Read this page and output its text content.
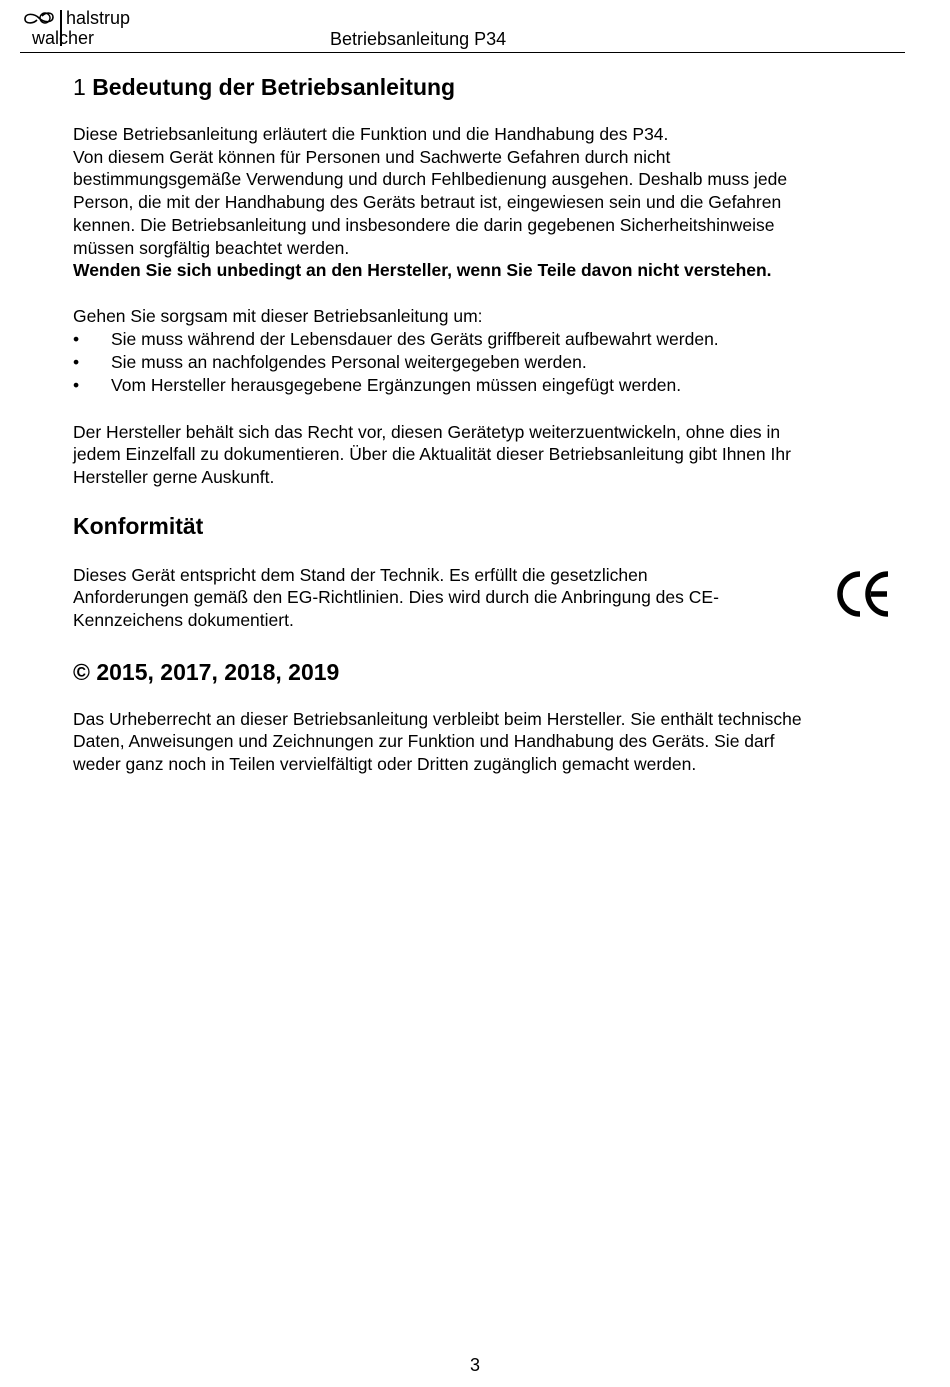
halstrup
walcher	Betriebsanleitung P34
1 Bedeutung der Betriebsanleitung

Diese Betriebsanleitung erläutert die Funktion und die Handhabung des P34.

Von diesem Gerät können für Personen und Sachwerte Gefahren durch nicht

bestimmungsgemäße Verwendung und durch Fehlbedienung ausgehen. Deshalb muss jede

Person, die mit der Handhabung des Geräts betraut ist, eingewiesen sein und die Gefahren

kennen. Die Betriebsanleitung und insbesondere die darin gegebenen Sicherheitshinweise

müssen sorgfältig beachtet werden.

Wenden Sie sich unbedingt an den Hersteller, wenn Sie Teile davon nicht verstehen.

Gehen Sie sorgsam mit dieser Betriebsanleitung um:

• Sie muss während der Lebensdauer des Geräts griffbereit aufbewahrt werden.
• Sie muss an nachfolgendes Personal weitergegeben werden.
• Vom Hersteller herausgegebene Ergänzungen müssen eingefügt werden.

Der Hersteller behält sich das Recht vor, diesen Gerätetyp weiterzuentwickeln, ohne dies in

jedem Einzelfall zu dokumentieren. Über die Aktualität dieser Betriebsanleitung gibt Ihnen Ihr

Hersteller gerne Auskunft.

Konformität

Dieses Gerät entspricht dem Stand der Technik. Es erfüllt die gesetzlichen

Anforderungen gemäß den EG-Richtlinien. Dies wird durch die Anbringung des CE-

Kennzeichens dokumentiert.

© 2015, 2017, 2018, 2019

Das Urheberrecht an dieser Betriebsanleitung verbleibt beim Hersteller. Sie enthält technische

Daten, Anweisungen und Zeichnungen zur Funktion und Handhabung des Geräts. Sie darf

weder ganz noch in Teilen vervielfältigt oder Dritten zugänglich gemacht werden.

3
